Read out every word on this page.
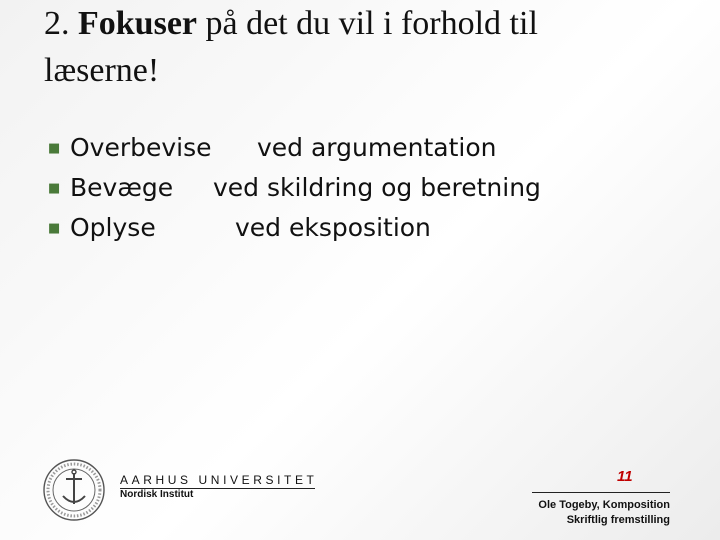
2. Fokuser på det du vil i forhold til
læserne!
■ Overbevise ved argumentation
■ Bevæge ved skildring og beretning
■ Oplyse	ved eksposition
AARHUS UNIVERSITET
Nordisk Institut
11
Ole Togeby, Komposition
Skriftlig fremstilling
